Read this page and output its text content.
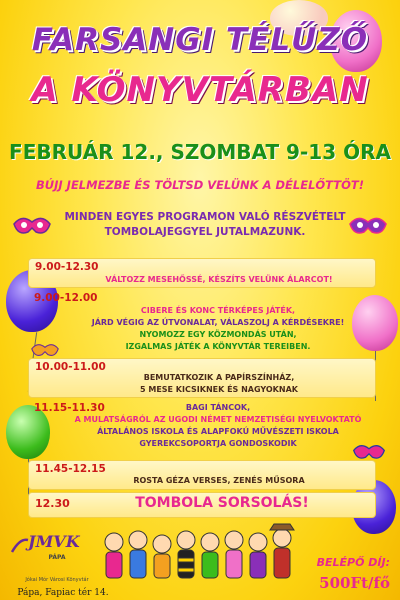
FARSANGI TÉLŰZŐ
A KÖNYVTÁRBAN
FEBRUÁR 12., SZOMBAT 9-13 ÓRA
BÚJJ JELMEZBE ÉS TÖLTSD VELÜNK A DÉLELŐTTÖT!
MINDEN EGYES PROGRAMON VALÓ RÉSZVÉTELT
TOMBOLAJEGGYEL JUTALMAZUNK.
9.00-12.30
VÁLTOZZ MESEHŐSSÉ, KÉSZÍTS VELÜNK ÁLARCOT!
9.00-12.00
CIBERE ÉS KONC TÉRKÉPES JÁTÉK,
JÁRD VÉGIG AZ ÚTVONALAT, VÁLASZOLJ A KÉRDÉSEKRE!
NYOMOZZ EGY KÖZMONDÁS UTÁN,
IZGALMAS JÁTÉK A KÖNYVTÁR TEREIBEN.
10.00-11.00
BEMUTATKOZIK A PAPÍRSZÍNHÁZ,
5 MESE KICSIKNEK ÉS NAGYOKNAK
11.15-11.30	BAGI TÁNCOK,
A MULATSÁGRÓL AZ UGODI NÉMET NEMZETISÉGI NYELVOKTATÓ
ÁLTALÁNOS ISKOLA ÉS ALAPFOKÚ MŰVÉSZETI ISKOLA
GYEREKCSOPORTJA GONDOSKODIK
11.45-12.15
ROSTA GÉZA VERSES, ZENÉS MŰSORA
12.30	TOMBOLA SORSOLÁS!
JMVK
PÁPA
Jókai Mór Városi Könyvtár
Pápa, Fapiac tér 14.
BELÉPŐ DÍJ:
500Ft/fő
